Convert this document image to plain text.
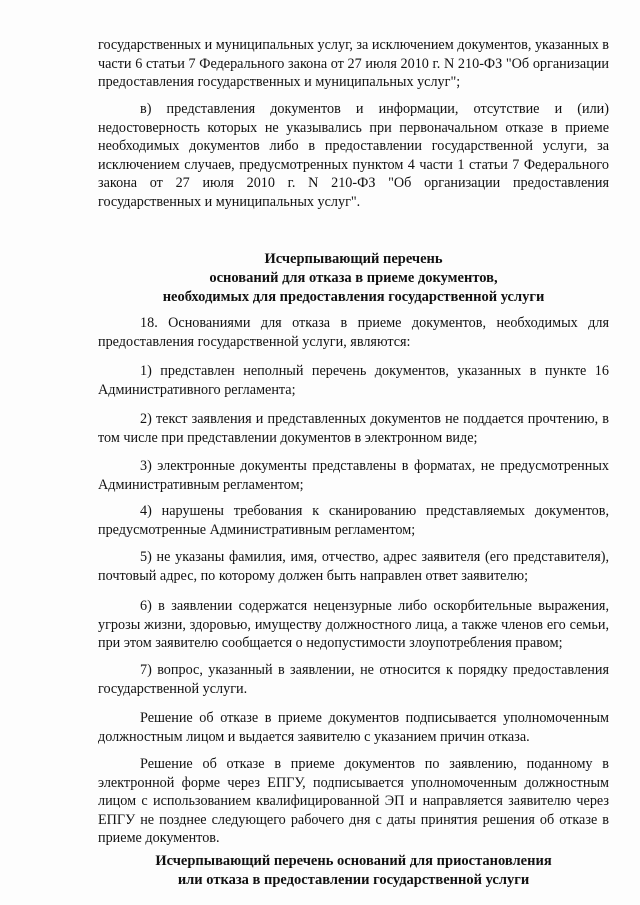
государственных и муниципальных услуг, за исключением документов, указанных в части 6 статьи 7 Федерального закона от 27 июля 2010 г. N 210-ФЗ "Об организации предоставления государственных и муниципальных услуг";

в) представления документов и информации, отсутствие и (или) недостоверность которых не указывались при первоначальном отказе в приеме необходимых документов либо в предоставлении государственной услуги, за исключением случаев, предусмотренных пунктом 4 части 1 статьи 7 Федерального закона от 27 июля 2010 г. N 210-ФЗ "Об организации предоставления государственных и муниципальных услуг".

Исчерпывающий перечень
оснований для отказа в приеме документов,
необходимых для предоставления государственной услуги

18. Основаниями для отказа в приеме документов, необходимых для предоставления государственной услуги, являются:

1) представлен неполный перечень документов, указанных в пункте 16 Административного регламента;

2) текст заявления и представленных документов не поддается прочтению, в том числе при представлении документов в электронном виде;

3) электронные документы представлены в форматах, не предусмотренных Административным регламентом;

4) нарушены требования к сканированию представляемых документов, предусмотренные Административным регламентом;

5) не указаны фамилия, имя, отчество, адрес заявителя (его представителя), почтовый адрес, по которому должен быть направлен ответ заявителю;

6) в заявлении содержатся нецензурные либо оскорбительные выражения, угрозы жизни, здоровью, имуществу должностного лица, а также членов его семьи, при этом заявителю сообщается о недопустимости злоупотребления правом;

7) вопрос, указанный в заявлении, не относится к порядку предоставления государственной услуги.

Решение об отказе в приеме документов подписывается уполномоченным должностным лицом и выдается заявителю с указанием причин отказа.

Решение об отказе в приеме документов по заявлению, поданному в электронной форме через ЕПГУ, подписывается уполномоченным должностным лицом с использованием квалифицированной ЭП и направляется заявителю через ЕПГУ не позднее следующего рабочего дня с даты принятия решения об отказе в приеме документов.

Исчерпывающий перечень оснований для приостановления
или отказа в предоставлении государственной услуги
